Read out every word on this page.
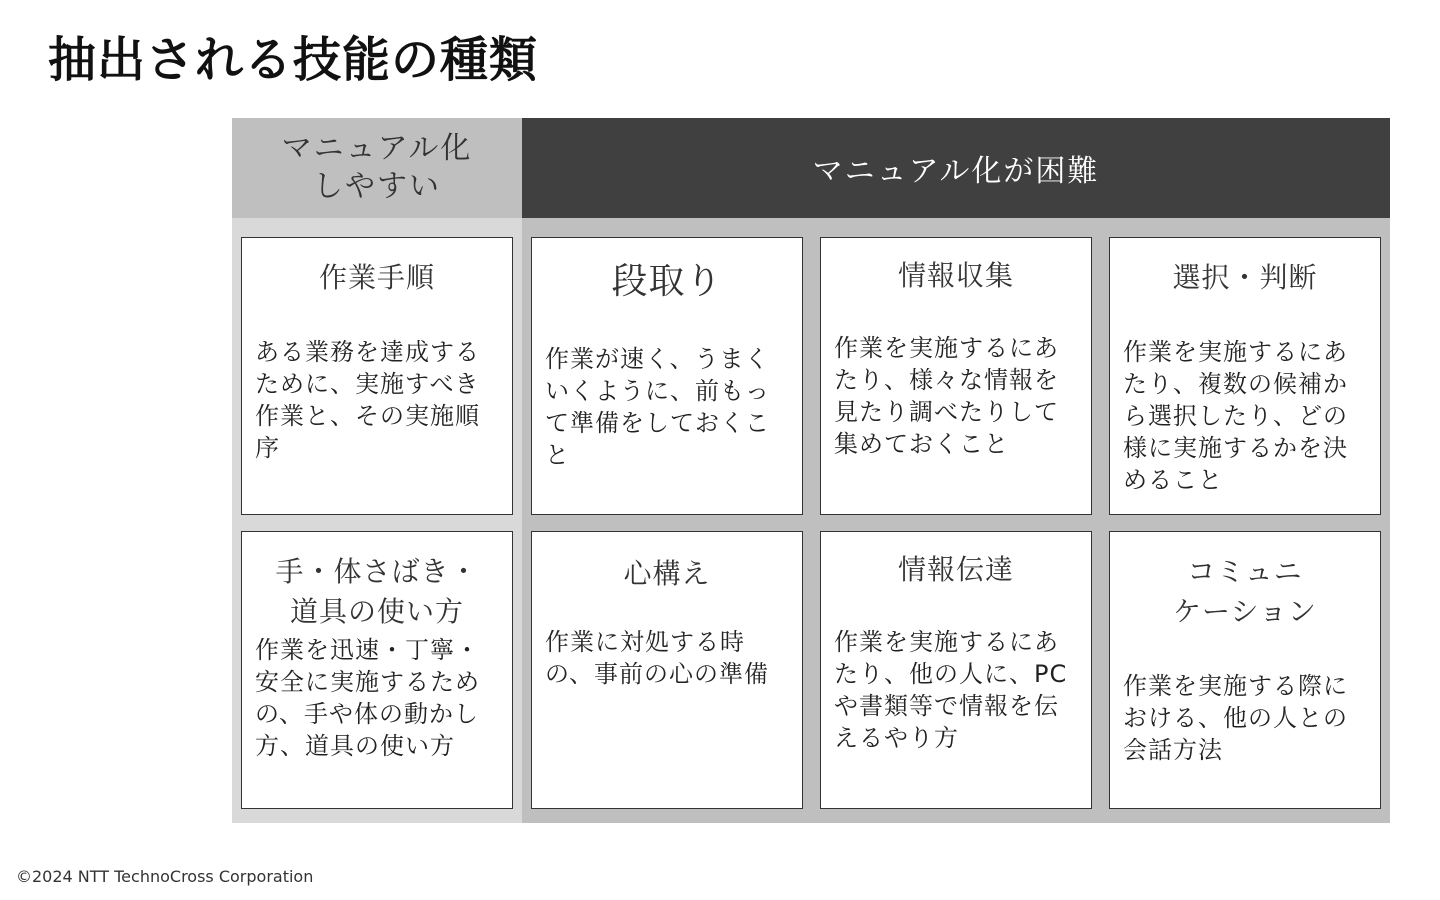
抽出される技能の種類
マニュアル化
しやすい	マニュアル化が困難
作業手順
ある業務を達成するために、実施すべき作業と、その実施順序
段取り
作業が速く、うまくいくように、前もって準備をしておくこと
情報収集
作業を実施するにあたり、様々な情報を見たり調べたりして集めておくこと
選択・判断
作業を実施するにあたり、複数の候補から選択したり、どの様に実施するかを決めること
手・体さばき・
道具の使い方
作業を迅速・丁寧・安全に実施するための、手や体の動かし方、道具の使い方
心構え
作業に対処する時の、事前の心の準備
情報伝達
作業を実施するにあたり、他の人に、PCや書類等で情報を伝えるやり方
コミュニ
ケーション
作業を実施する際における、他の人との会話方法
©2024 NTT TechnoCross Corporation
